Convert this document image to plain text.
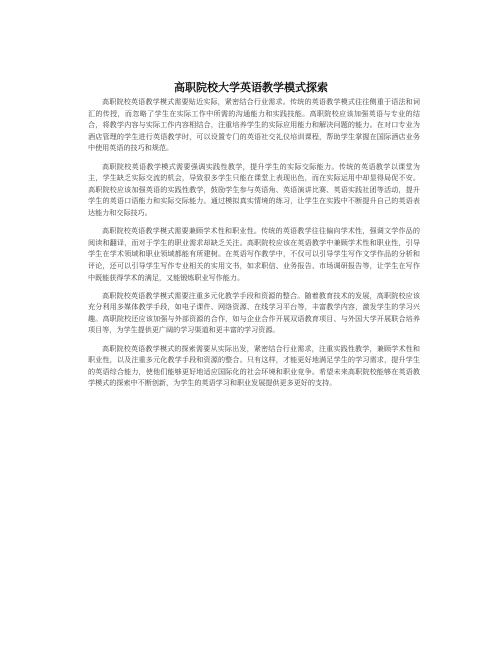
高职院校大学英语教学模式探索

高职院校英语教学模式需要贴近实际，紧密结合行业需求。传统的英语教学模式往往侧重于语法和词汇的传授，而忽略了学生在实际工作中所需的沟通能力和实践技能。高职院校应该加强英语与专业的结合，将教学内容与实际工作内容相结合，注重培养学生的实际应用能力和解决问题的能力。在对口专业为酒店管理的学生进行英语教学时，可以设置专门的英语社交礼仪培训课程，帮助学生掌握在国际酒店业务中使用英语的技巧和规范。

高职院校英语教学模式需要强调实践性教学，提升学生的实际交际能力。传统的英语教学以课堂为主，学生缺乏实际交流的机会，导致很多学生只能在课堂上表现出色，而在实际运用中却显得局促不安。高职院校应该加强英语的实践性教学，鼓励学生参与英语角、英语演讲比赛、英语实践社团等活动，提升学生的英语口语能力和实际交际能力。通过模拟真实情境的练习，让学生在实践中不断提升自己的英语表达能力和交际技巧。

高职院校英语教学模式需要兼顾学术性和职业性。传统的英语教学往往偏向学术性，强调文学作品的阅读和翻译，而对于学生的职业需求却缺乏关注。高职院校应该在英语教学中兼顾学术性和职业性，引导学生在学术领域和职业领域都能有所建树。在英语写作教学中，不仅可以引导学生写作文学作品的分析和评论，还可以引导学生写作专业相关的实用文书，如求职信、业务报告、市场调研报告等，让学生在写作中既能获得学术的满足，又能锻炼职业写作能力。

高职院校英语教学模式需要注重多元化教学手段和资源的整合。随着教育技术的发展，高职院校应该充分利用多媒体教学手段，如电子课件、网络资源、在线学习平台等，丰富教学内容，激发学生的学习兴趣。高职院校还应该加强与外部资源的合作，如与企业合作开展双语教育项目、与外国大学开展联合培养项目等，为学生提供更广阔的学习渠道和更丰富的学习资源。

高职院校英语教学模式的探索需要从实际出发，紧密结合行业需求，注重实践性教学，兼顾学术性和职业性，以及注重多元化教学手段和资源的整合。只有这样，才能更好地满足学生的学习需求，提升学生的英语综合能力，使他们能够更好地适应国际化的社会环境和职业竞争。希望未来高职院校能够在英语教学模式的探索中不断创新，为学生的英语学习和职业发展提供更多更好的支持。
